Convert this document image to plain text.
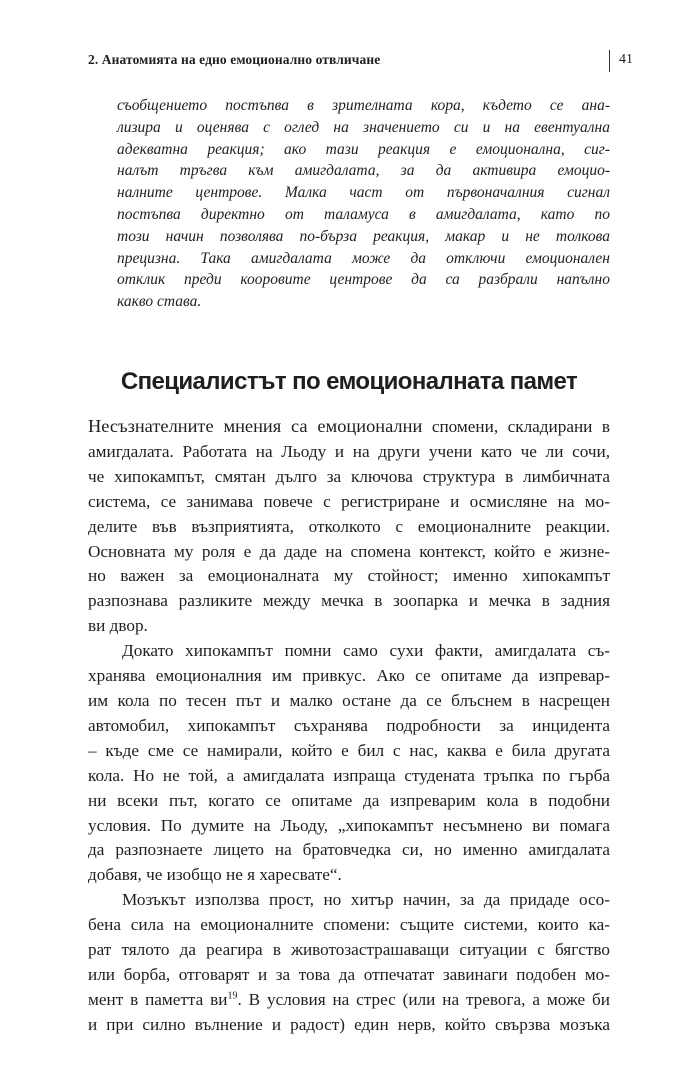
2. Анатомията на едно емоционално отвличане	41
съобщението постъпва в зрителната кора, където се ана-
лизира и оценява с оглед на значението си и на евентуална
адекватна реакция; ако тази реакция е емоционална, сиг-
налът тръгва към амигдалата, за да активира емоцио-
налните центрове. Малка част от първоначалния сигнал
постъпва директно от таламуса в амигдалата, като по
този начин позволява по-бърза реакция, макар и не толкова
прецизна. Така амигдалата може да отключи емоционален
отклик преди кооровите центрове да са разбрали напълно
какво става.
Специалистът по емоционалната памет
Несъзнателните мнения са емоционални спомени, складирани в
амигдалата. Работата на Льоду и на други учени като че ли сочи,
че хипокампът, смятан дълго за ключова структура в лимбичната
система, се занимава повече с регистриране и осмисляне на мо-
делите във възприятията, отколкото с емоционалните реакции.
Основната му роля е да даде на спомена контекст, който е жизне-
но важен за емоционалната му стойност; именно хипокампът
разпознава разликите между мечка в зоопарка и мечка в задния
ви двор.
Докато хипокампът помни само сухи факти, амигдалата съ-
хранява емоционалния им привкус. Ако се опитаме да изпревар-
им кола по тесен път и малко остане да се блъснем в насрещен
автомобил, хипокампът съхранява подробности за инцидента
– къде сме се намирали, който е бил с нас, каква е била другата
кола. Но не той, а амигдалата изпраща студената тръпка по гърба
ни всеки път, когато се опитаме да изпреварим кола в подобни
условия. По думите на Льоду, „хипокампът несъмнено ви помага
да разпознаете лицето на братовчедка си, но именно амигдалата
добавя, че изобщо не я харесвате“.
Мозъкът използва прост, но хитър начин, за да придаде осо-
бена сила на емоционалните спомени: същите системи, които ка-
рат тялото да реагира в животозастрашаващи ситуации с бягство
или борба, отговарят и за това да отпечатат завинаги подобен мо-
мент в паметта $ви^{19}$. В условия на стрес (или на тревога, а може би
и при силно вълнение и радост) един нерв, който свързва мозъка
